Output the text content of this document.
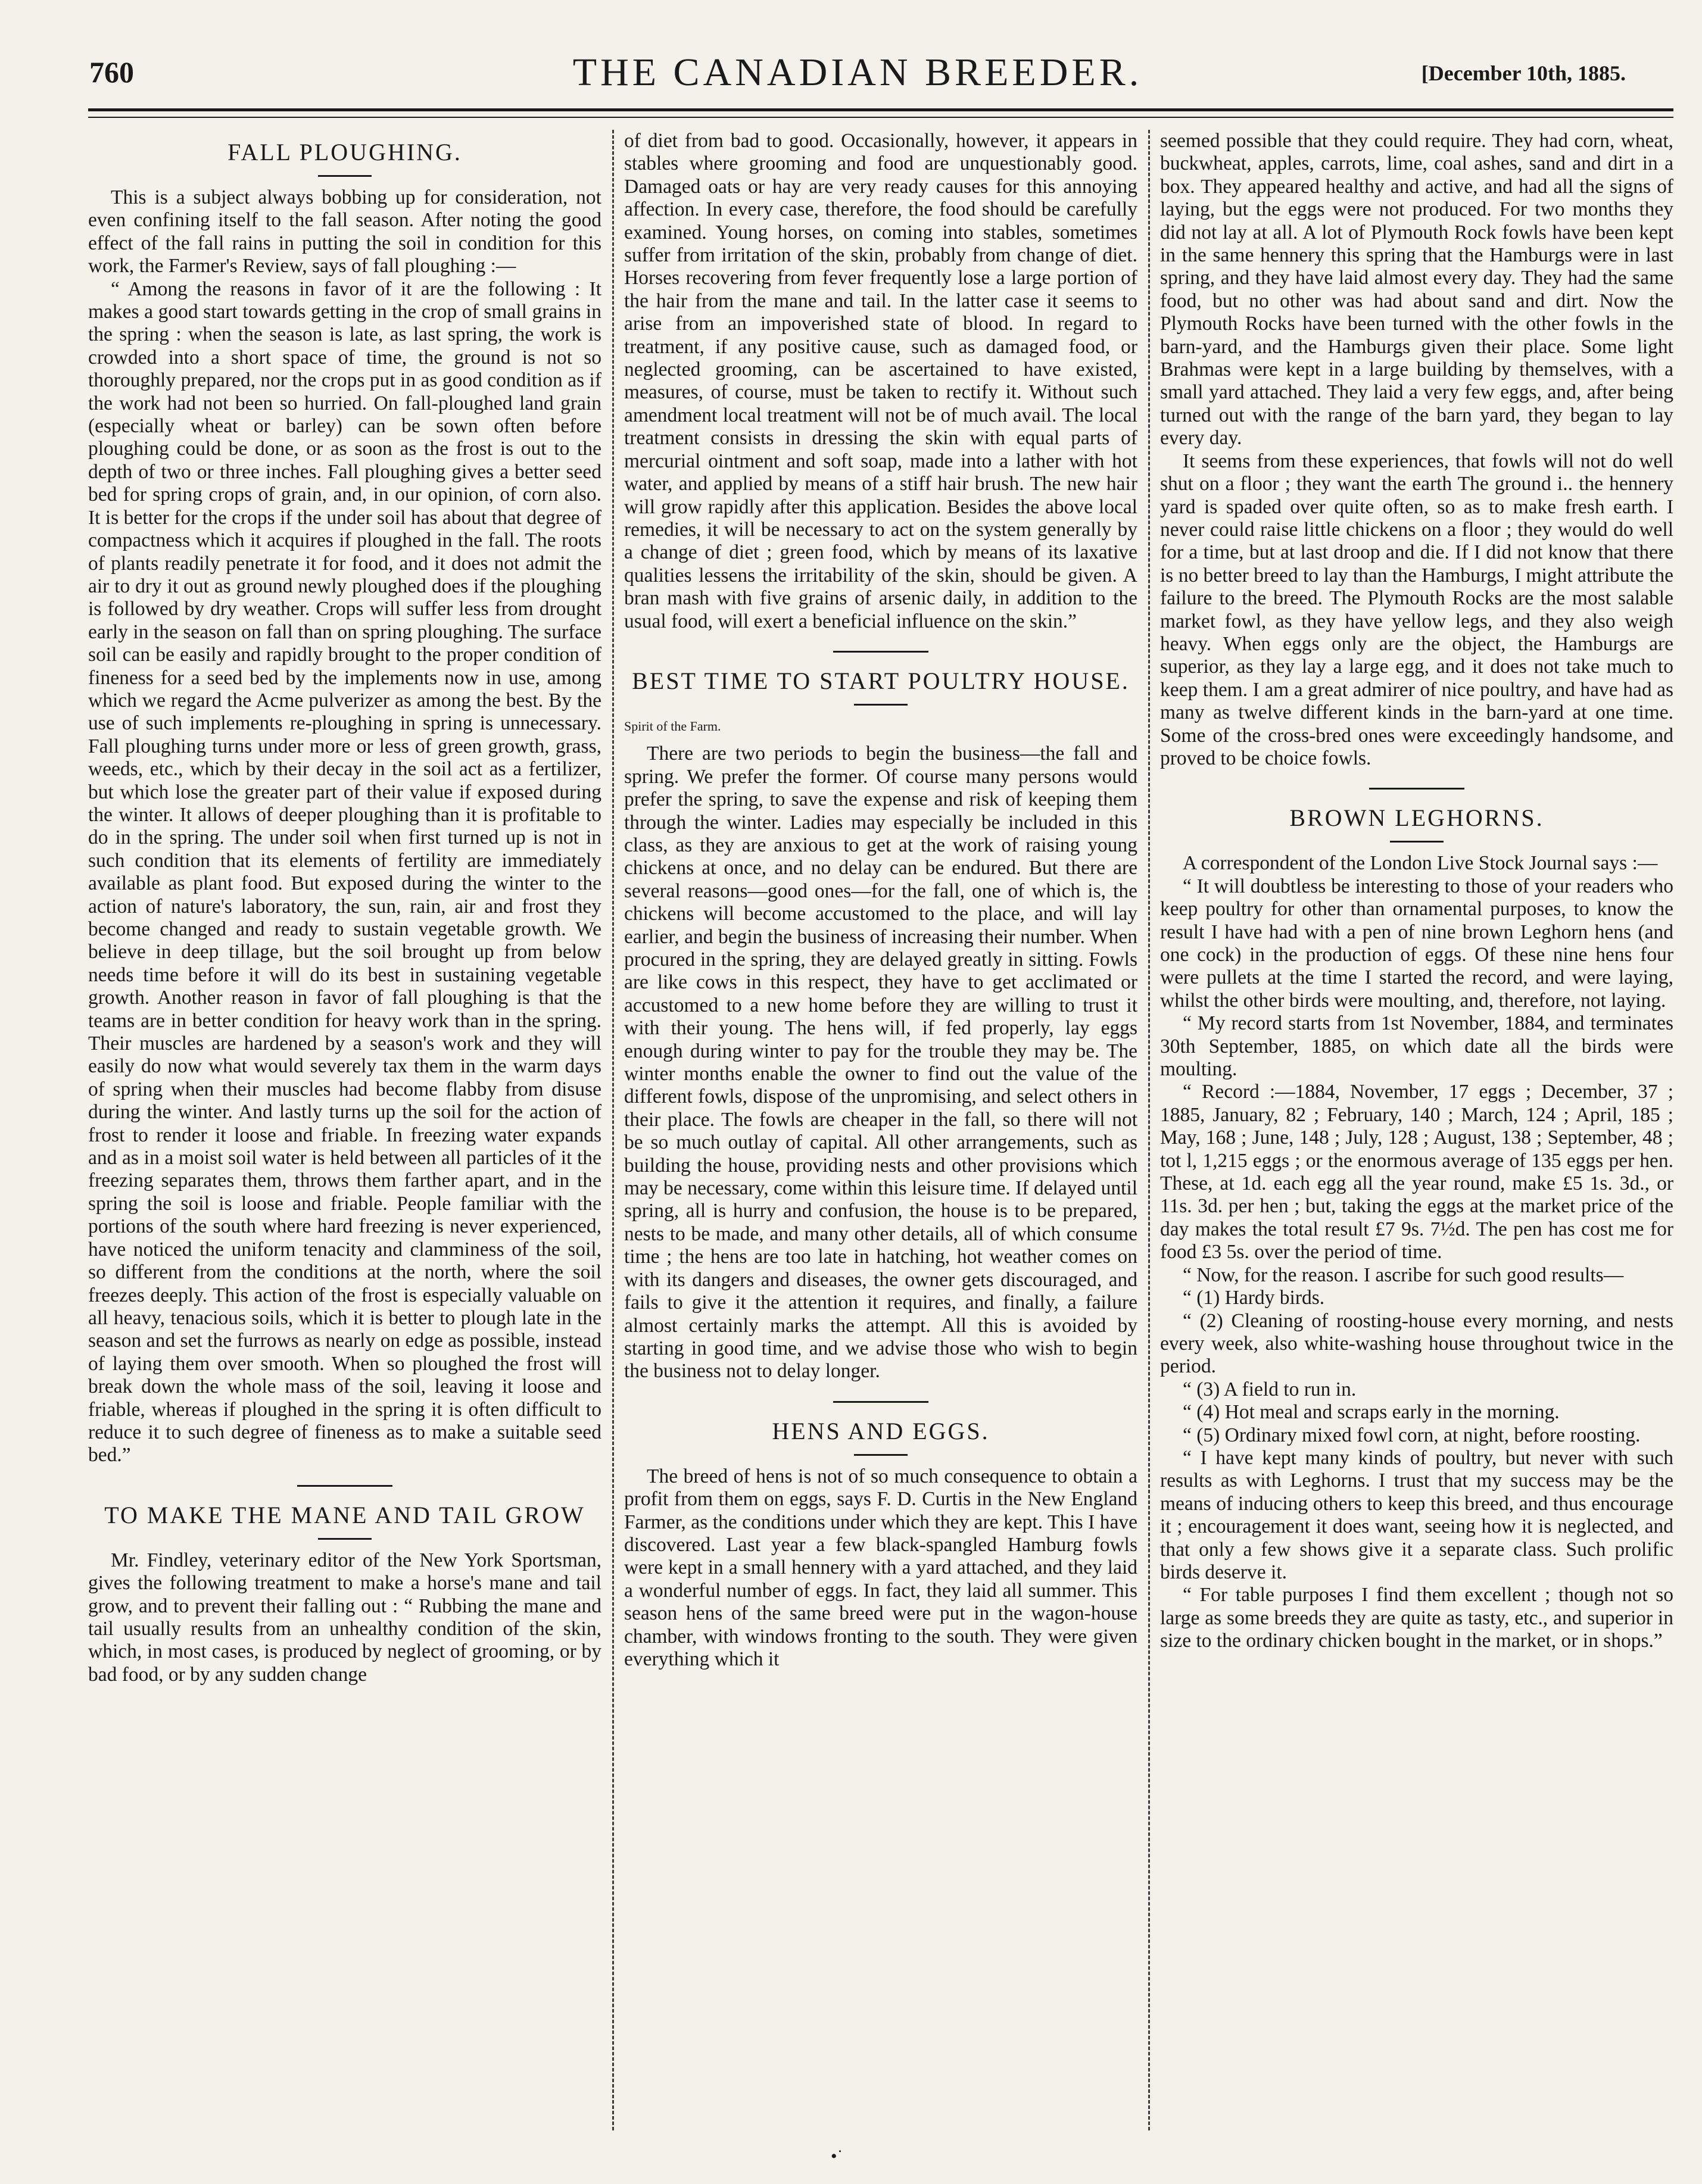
760	THE CANADIAN BREEDER.	[December 10th, 1885.
FALL PLOUGHING.

This is a subject always bobbing up for consideration, not even confining itself to the fall season. After noting the good effect of the fall rains in putting the soil in condition for this work, the Farmer's Review, says of fall ploughing :—

“ Among the reasons in favor of it are the following : It makes a good start towards getting in the crop of small grains in the spring : when the season is late, as last spring, the work is crowded into a short space of time, the ground is not so thoroughly prepared, nor the crops put in as good condition as if the work had not been so hurried. On fall-ploughed land grain (especially wheat or barley) can be sown often before ploughing could be done, or as soon as the frost is out to the depth of two or three inches. Fall ploughing gives a better seed bed for spring crops of grain, and, in our opinion, of corn also. It is better for the crops if the under soil has about that degree of compactness which it acquires if ploughed in the fall. The roots of plants readily penetrate it for food, and it does not admit the air to dry it out as ground newly ploughed does if the ploughing is followed by dry weather. Crops will suffer less from drought early in the season on fall than on spring ploughing. The surface soil can be easily and rapidly brought to the proper condition of fineness for a seed bed by the implements now in use, among which we regard the Acme pulverizer as among the best. By the use of such implements re-ploughing in spring is unnecessary. Fall ploughing turns under more or less of green growth, grass, weeds, etc., which by their decay in the soil act as a fertilizer, but which lose the greater part of their value if exposed during the winter. It allows of deeper ploughing than it is profitable to do in the spring. The under soil when first turned up is not in such condition that its elements of fertility are immediately available as plant food. But exposed during the winter to the action of nature's laboratory, the sun, rain, air and frost they become changed and ready to sustain vegetable growth. We believe in deep tillage, but the soil brought up from below needs time before it will do its best in sustaining vegetable growth. Another reason in favor of fall ploughing is that the teams are in better condition for heavy work than in the spring. Their muscles are hardened by a season's work and they will easily do now what would severely tax them in the warm days of spring when their muscles had become flabby from disuse during the winter. And lastly turns up the soil for the action of frost to render it loose and friable. In freezing water expands and as in a moist soil water is held between all particles of it the freezing separates them, throws them farther apart, and in the spring the soil is loose and friable. People familiar with the portions of the south where hard freezing is never experienced, have noticed the uniform tenacity and clamminess of the soil, so different from the conditions at the north, where the soil freezes deeply. This action of the frost is especially valuable on all heavy, tenacious soils, which it is better to plough late in the season and set the furrows as nearly on edge as possible, instead of laying them over smooth. When so ploughed the frost will break down the whole mass of the soil, leaving it loose and friable, whereas if ploughed in the spring it is often difficult to reduce it to such degree of fineness as to make a suitable seed bed.”

TO MAKE THE MANE AND TAIL GROW

Mr. Findley, veterinary editor of the New York Sportsman, gives the following treatment to make a horse's mane and tail grow, and to prevent their falling out : “ Rubbing the mane and tail usually results from an unhealthy condition of the skin, which, in most cases, is produced by neglect of grooming, or by bad food, or by any sudden change

of diet from bad to good. Occasionally, however, it appears in stables where grooming and food are unquestionably good. Damaged oats or hay are very ready causes for this annoying affection. In every case, therefore, the food should be carefully examined. Young horses, on coming into stables, sometimes suffer from irritation of the skin, probably from change of diet. Horses recovering from fever frequently lose a large portion of the hair from the mane and tail. In the latter case it seems to arise from an impoverished state of blood. In regard to treatment, if any positive cause, such as damaged food, or neglected grooming, can be ascertained to have existed, measures, of course, must be taken to rectify it. Without such amendment local treatment will not be of much avail. The local treatment consists in dressing the skin with equal parts of mercurial ointment and soft soap, made into a lather with hot water, and applied by means of a stiff hair brush. The new hair will grow rapidly after this application. Besides the above local remedies, it will be necessary to act on the system generally by a change of diet ; green food, which by means of its laxative qualities lessens the irritability of the skin, should be given. A bran mash with five grains of arsenic daily, in addition to the usual food, will exert a beneficial influence on the skin.”

BEST TIME TO START POULTRY HOUSE.
Spirit of the Farm.

There are two periods to begin the business—the fall and spring. We prefer the former. Of course many persons would prefer the spring, to save the expense and risk of keeping them through the winter. Ladies may especially be included in this class, as they are anxious to get at the work of raising young chickens at once, and no delay can be endured. But there are several reasons—good ones—for the fall, one of which is, the chickens will become accustomed to the place, and will lay earlier, and begin the business of increasing their number. When procured in the spring, they are delayed greatly in sitting. Fowls are like cows in this respect, they have to get acclimated or accustomed to a new home before they are willing to trust it with their young. The hens will, if fed properly, lay eggs enough during winter to pay for the trouble they may be. The winter months enable the owner to find out the value of the different fowls, dispose of the unpromising, and select others in their place. The fowls are cheaper in the fall, so there will not be so much outlay of capital. All other arrangements, such as building the house, providing nests and other provisions which may be necessary, come within this leisure time. If delayed until spring, all is hurry and confusion, the house is to be prepared, nests to be made, and many other details, all of which consume time ; the hens are too late in hatching, hot weather comes on with its dangers and diseases, the owner gets discouraged, and fails to give it the attention it requires, and finally, a failure almost certainly marks the attempt. All this is avoided by starting in good time, and we advise those who wish to begin the business not to delay longer.

HENS AND EGGS.

The breed of hens is not of so much consequence to obtain a profit from them on eggs, says F. D. Curtis in the New England Farmer, as the conditions under which they are kept. This I have discovered. Last year a few black-spangled Hamburg fowls were kept in a small hennery with a yard attached, and they laid a wonderful number of eggs. In fact, they laid all summer. This season hens of the same breed were put in the wagon-house chamber, with windows fronting to the south. They were given everything which it

seemed possible that they could require. They had corn, wheat, buckwheat, apples, carrots, lime, coal ashes, sand and dirt in a box. They appeared healthy and active, and had all the signs of laying, but the eggs were not produced. For two months they did not lay at all. A lot of Plymouth Rock fowls have been kept in the same hennery this spring that the Hamburgs were in last spring, and they have laid almost every day. They had the same food, but no other was had about sand and dirt. Now the Plymouth Rocks have been turned with the other fowls in the barn-yard, and the Hamburgs given their place. Some light Brahmas were kept in a large building by themselves, with a small yard attached. They laid a very few eggs, and, after being turned out with the range of the barn yard, they began to lay every day.

It seems from these experiences, that fowls will not do well shut on a floor ; they want the earth The ground i.. the hennery yard is spaded over quite often, so as to make fresh earth. I never could raise little chickens on a floor ; they would do well for a time, but at last droop and die. If I did not know that there is no better breed to lay than the Hamburgs, I might attribute the failure to the breed. The Plymouth Rocks are the most salable market fowl, as they have yellow legs, and they also weigh heavy. When eggs only are the object, the Hamburgs are superior, as they lay a large egg, and it does not take much to keep them. I am a great admirer of nice poultry, and have had as many as twelve different kinds in the barn-yard at one time. Some of the cross-bred ones were exceedingly handsome, and proved to be choice fowls.

BROWN LEGHORNS.

A correspondent of the London Live Stock Journal says :—

“ It will doubtless be interesting to those of your readers who keep poultry for other than ornamental purposes, to know the result I have had with a pen of nine brown Leghorn hens (and one cock) in the production of eggs. Of these nine hens four were pullets at the time I started the record, and were laying, whilst the other birds were moulting, and, therefore, not laying.

“ My record starts from 1st November, 1884, and terminates 30th September, 1885, on which date all the birds were moulting.

“ Record :—1884, November, 17 eggs ; December, 37 ; 1885, January, 82 ; February, 140 ; March, 124 ; April, 185 ; May, 168 ; June, 148 ; July, 128 ; August, 138 ; September, 48 ; tot l, 1,215 eggs ; or the enormous average of 135 eggs per hen. These, at 1d. each egg all the year round, make £5 1s. 3d., or 11s. 3d. per hen ; but, taking the eggs at the market price of the day makes the total result £7 9s. 7½d. The pen has cost me for food £3 5s. over the period of time.

“ Now, for the reason. I ascribe for such good results—

“ (1) Hardy birds.

“ (2) Cleaning of roosting-house every morning, and nests every week, also white-washing house throughout twice in the period.

“ (3) A field to run in.

“ (4) Hot meal and scraps early in the morning.

“ (5) Ordinary mixed fowl corn, at night, before roosting.

“ I have kept many kinds of poultry, but never with such results as with Leghorns. I trust that my success may be the means of inducing others to keep this breed, and thus encourage it ; encouragement it does want, seeing how it is neglected, and that only a few shows give it a separate class. Such prolific birds deserve it.

“ For table purposes I find them excellent ; though not so large as some breeds they are quite as tasty, etc., and superior in size to the ordinary chicken bought in the market, or in shops.”

•˙
